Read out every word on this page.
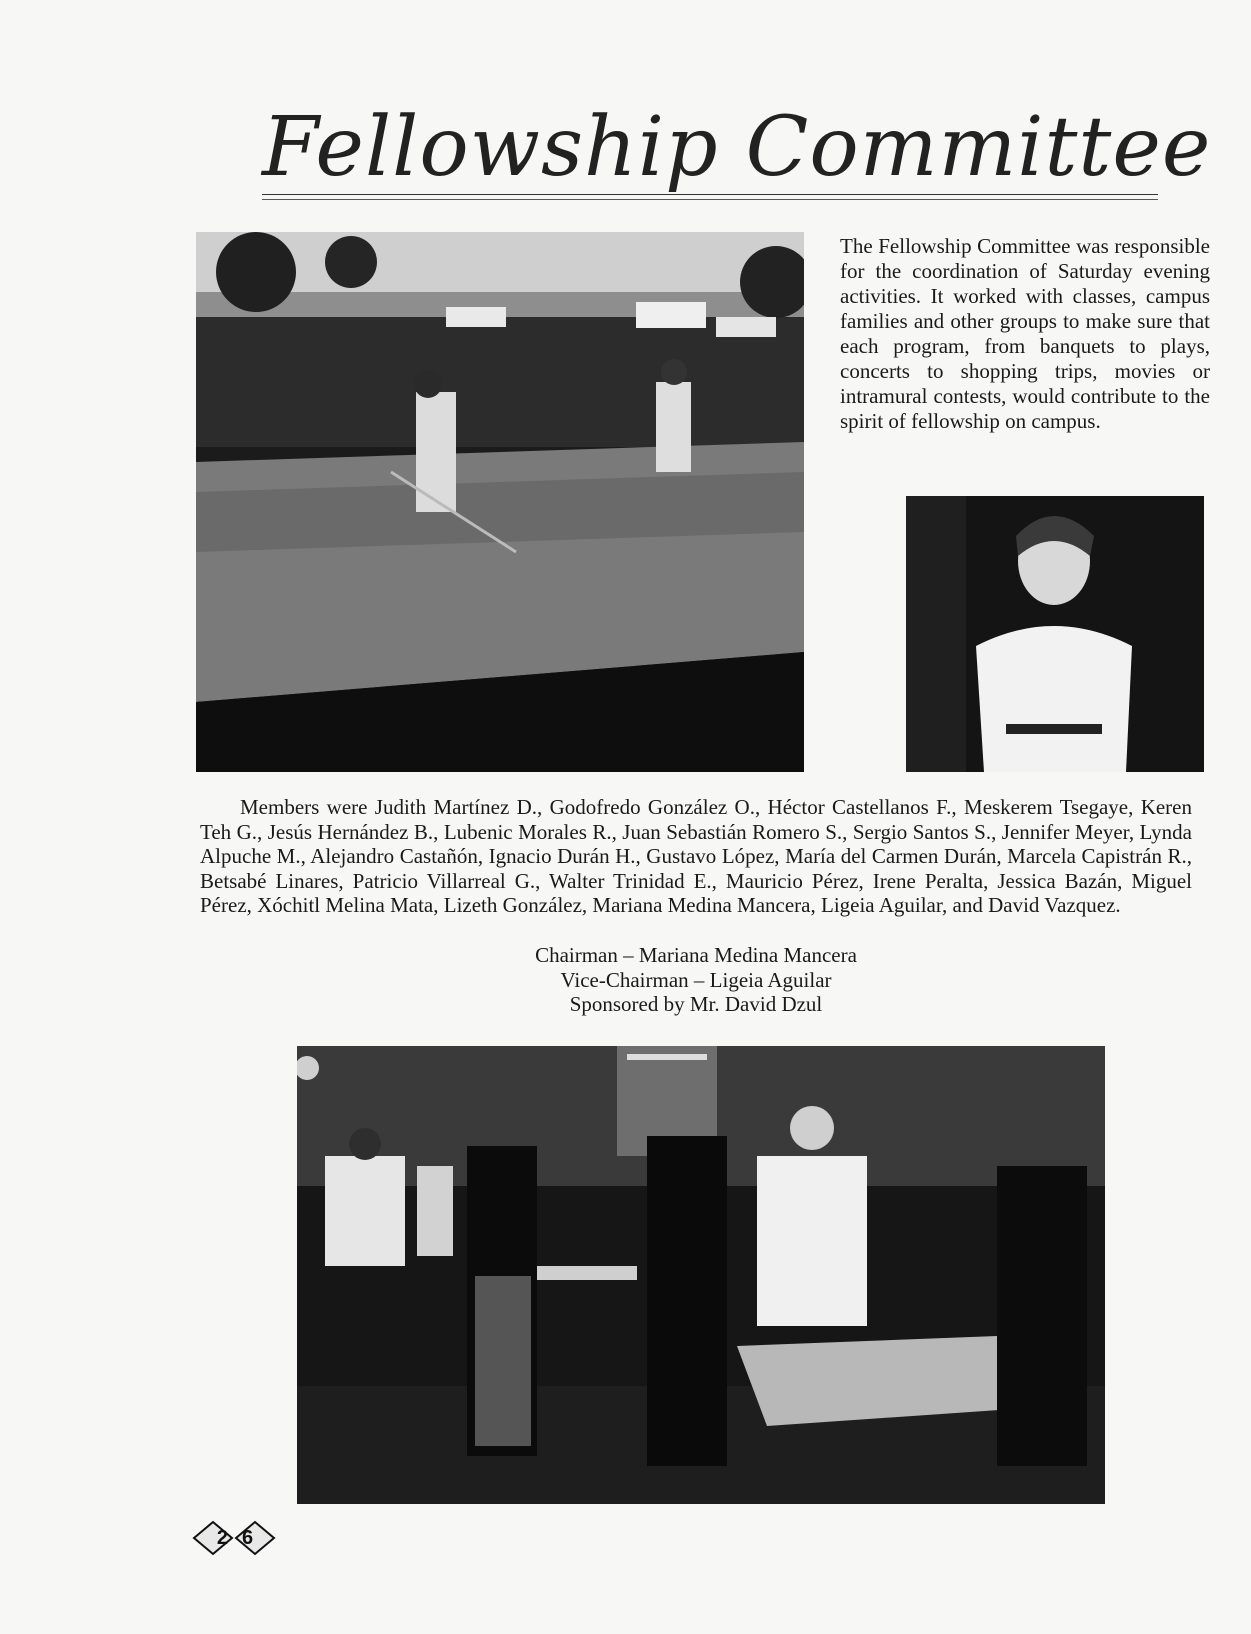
Fellowship Committee
The Fellowship Committee was responsible for the coordination of Saturday evening activities. It worked with classes, campus families and other groups to make sure that each program, from banquets to plays, concerts to shopping trips, movies or intramural contests, would contribute to the spirit of fellowship on campus.

Members were Judith Martínez D., Godofredo González O., Héctor Castellanos F., Meskerem Tsegaye, Keren Teh G., Jesús Hernández B., Lubenic Morales R., Juan Sebastián Romero S., Sergio Santos S., Jennifer Meyer, Lynda Alpuche M., Alejandro Castañón, Ignacio Durán H., Gustavo López, María del Carmen Durán, Marcela Capistrán R., Betsabé Linares, Patricio Villarreal G., Walter Trinidad E., Mauricio Pérez, Irene Peralta, Jessica Bazán, Miguel Pérez, Xóchitl Melina Mata, Lizeth González, Mariana Medina Mancera, Ligeia Aguilar, and David Vazquez.

Chairman – Mariana Medina Mancera
Vice-Chairman – Ligeia Aguilar
Sponsored by Mr. David Dzul
26
